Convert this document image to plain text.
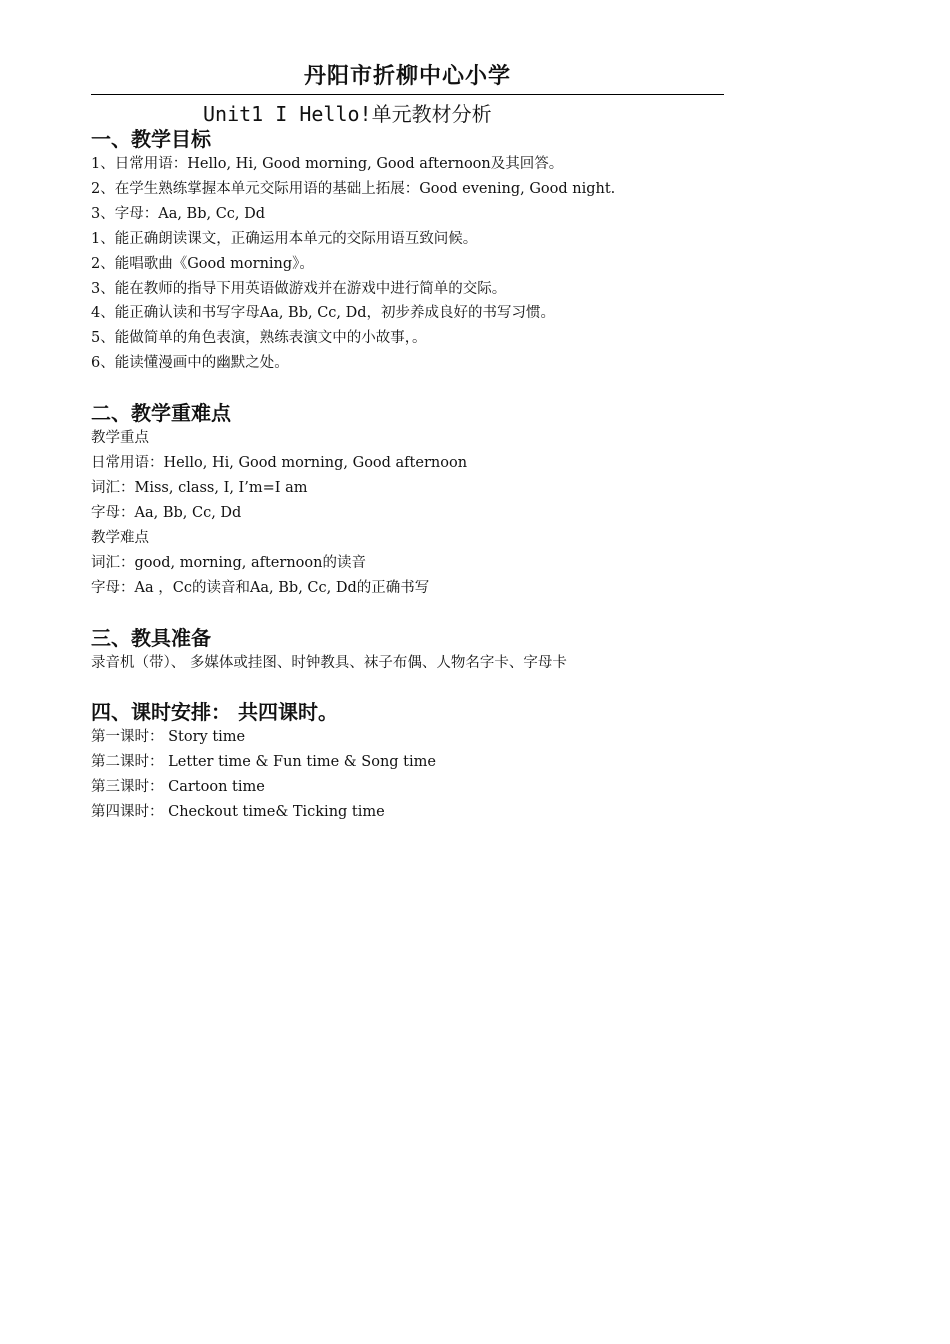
丹阳市折柳中心小学
Unit1 I Hello!单元教材分析
一、教学目标

1、日常用语：Hello, Hi, Good morning, Good afternoon及其回答。

2、在学生熟练掌握本单元交际用语的基础上拓展：Good evening, Good night.

3、字母：Aa, Bb, Cc, Dd

1、能正确朗读课文，正确运用本单元的交际用语互致问候。

2、能唱歌曲《Good morning》。

3、能在教师的指导下用英语做游戏并在游戏中进行简单的交际。

4、能正确认读和书写字母Aa, Bb, Cc, Dd，初步养成良好的书写习惯。

5、能做简单的角色表演，熟练表演文中的小故事，。

6、能读懂漫画中的幽默之处。

二、教学重难点

教学重点

日常用语：Hello, Hi, Good morning, Good afternoon

词汇：Miss, class, I, I’m=I am

字母：Aa, Bb, Cc, Dd

教学难点

词汇：good, morning, afternoon的读音

字母：Aa ，Cc的读音和Aa, Bb, Cc, Dd的正确书写

三、教具准备

录音机（带）、 多媒体或挂图、时钟教具、袜子布偶、人物名字卡、字母卡

四、课时安排： 共四课时。

第一课时： Story time

第二课时： Letter time & Fun time & Song time

第三课时： Cartoon time

第四课时： Checkout time& Ticking time
